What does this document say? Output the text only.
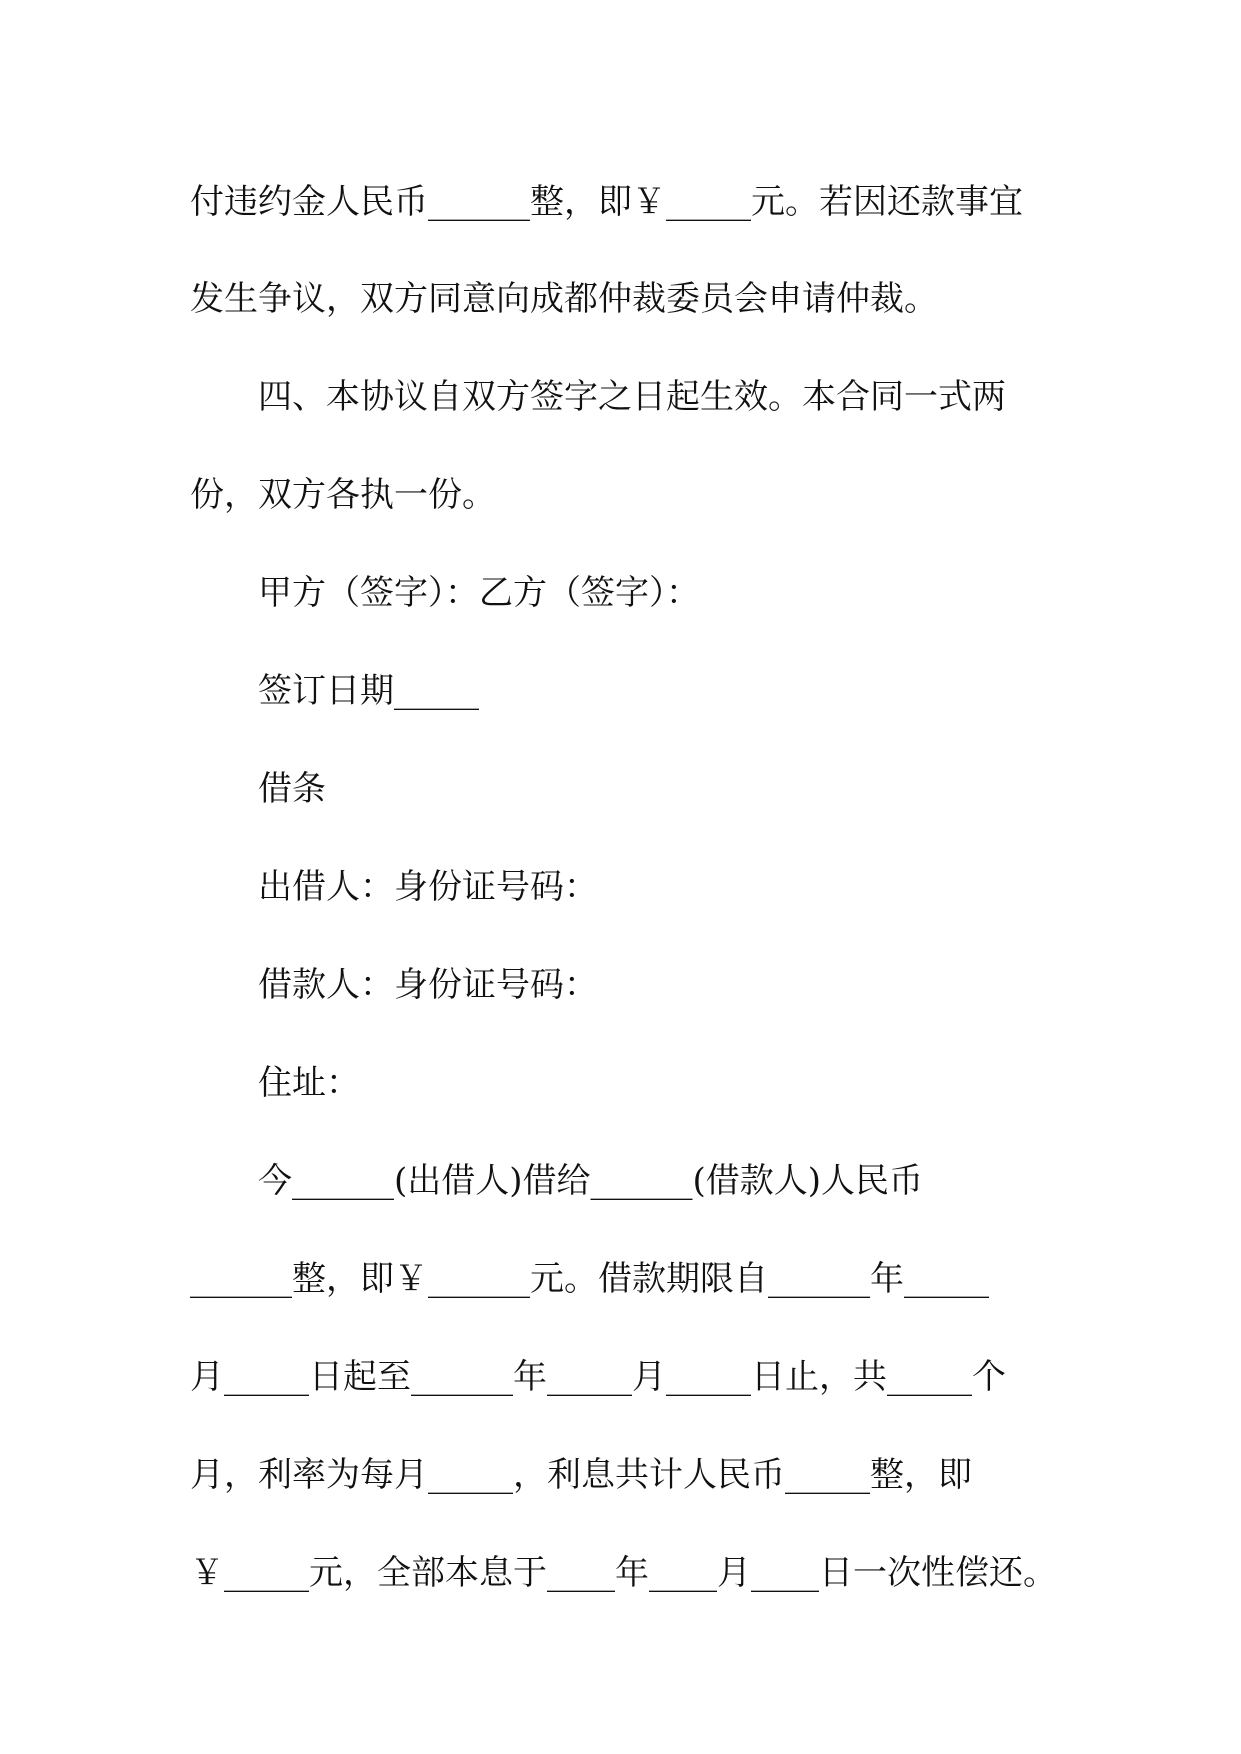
付违约金人民币______整，即￥_____元。若因还款事宜
发生争议，双方同意向成都仲裁委员会申请仲裁。
四、本协议自双方签字之日起生效。本合同一式两
份，双方各执一份。
甲方（签字）：乙方（签字）：
签订日期_____
借条
出借人：身份证号码：
借款人：身份证号码：
住址：
今______(出借人)借给______(借款人)人民币
______整，即￥______元。借款期限自______年_____
月_____日起至______年_____月_____日止，共_____个
月，利率为每月_____，利息共计人民币_____整，即
￥_____元，全部本息于____年____月____日一次性偿还。
